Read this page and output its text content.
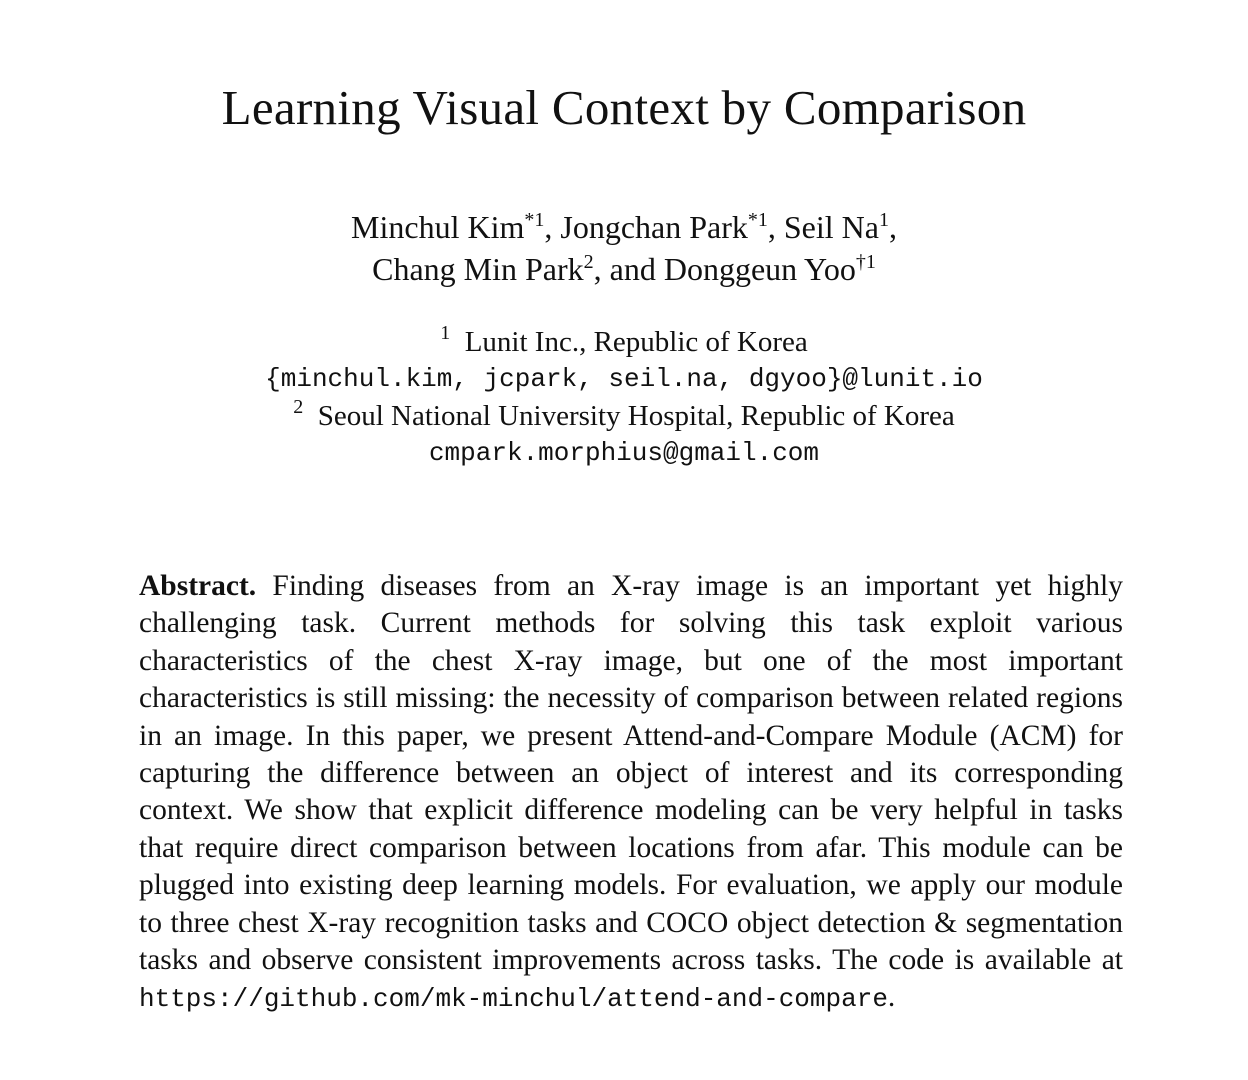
Learning Visual Context by Comparison
Minchul Kim$^{*1}$, Jongchan Park$^{*1}$, Seil Na$^1$,
Chang Min Park$^2$, and Donggeun Yoo$^{\dagger 1}$
$^1$ Lunit Inc., Republic of Korea
{minchul.kim, jcpark, seil.na, dgyoo}@lunit.io
$^2$ Seoul National University Hospital, Republic of Korea
cmpark.morphius@gmail.com
Abstract. Finding diseases from an X-ray image is an important yet highly challenging task. Current methods for solving this task exploit various characteristics of the chest X-ray image, but one of the most important characteristics is still missing: the necessity of comparison between related regions in an image. In this paper, we present Attend-and-Compare Module (ACM) for capturing the difference between an object of interest and its corresponding context. We show that explicit difference modeling can be very helpful in tasks that require direct comparison between locations from afar. This module can be plugged into existing deep learning models. For evaluation, we apply our module to three chest X-ray recognition tasks and COCO object detection & segmentation tasks and observe consistent improvements across tasks. The code is available at https://github.com/mk-minchul/attend-and-compare.
